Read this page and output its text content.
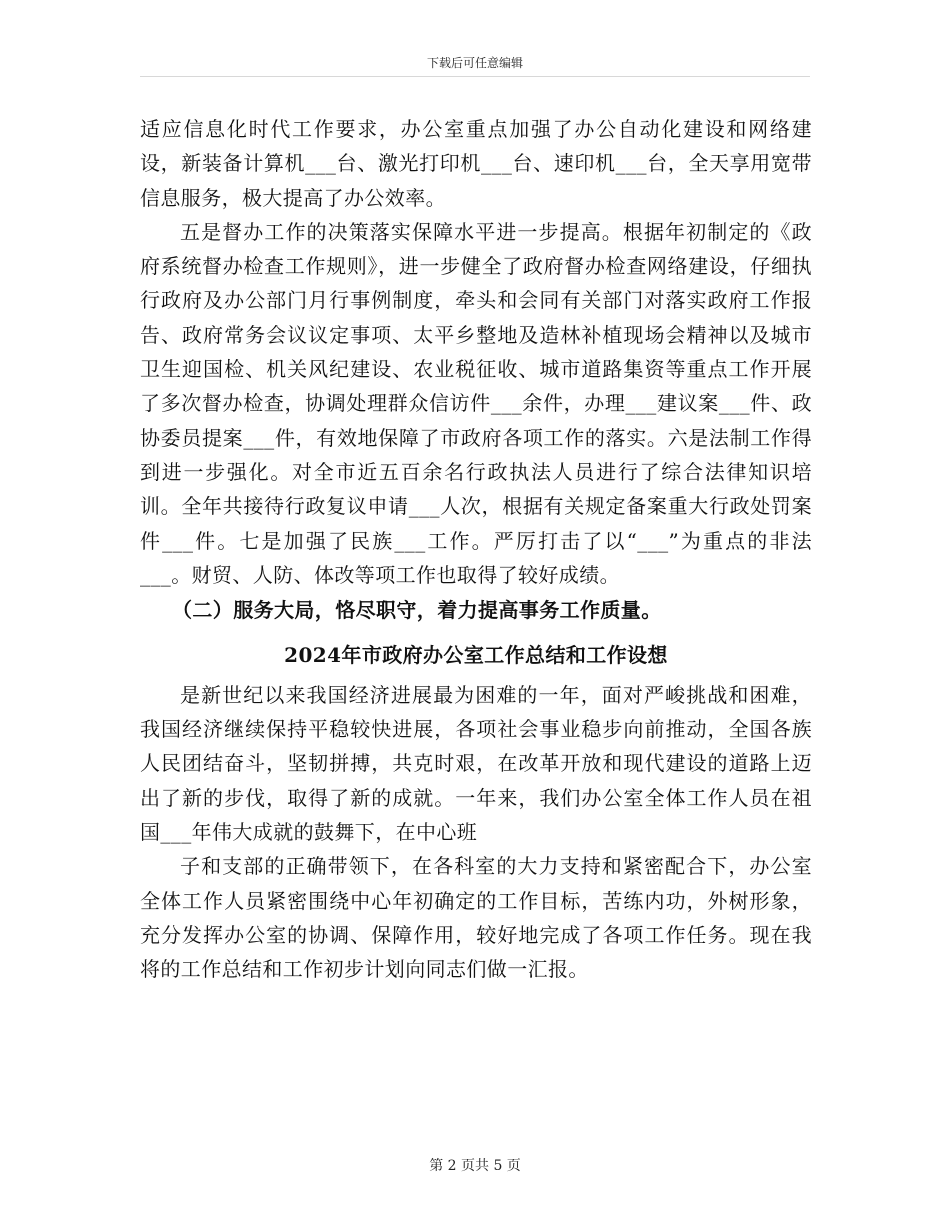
下载后可任意编辑

适应信息化时代工作要求，办公室重点加强了办公自动化建设和网络建设，新装备计算机___台、激光打印机___台、速印机___台，全天享用宽带信息服务，极大提高了办公效率。

五是督办工作的决策落实保障水平进一步提高。根据年初制定的《政府系统督办检查工作规则》，进一步健全了政府督办检查网络建设，仔细执行政府及办公部门月行事例制度，牵头和会同有关部门对落实政府工作报告、政府常务会议议定事项、太平乡整地及造林补植现场会精神以及城市卫生迎国检、机关风纪建设、农业税征收、城市道路集资等重点工作开展了多次督办检查，协调处理群众信访件___余件，办理___建议案___件、政协委员提案___件，有效地保障了市政府各项工作的落实。六是法制工作得到进一步强化。对全市近五百余名行政执法人员进行了综合法律知识培训。全年共接待行政复议申请___人次，根据有关规定备案重大行政处罚案件___件。七是加强了民族___工作。严厉打击了以“___”为重点的非法___。财贸、人防、体改等项工作也取得了较好成绩。

（二）服务大局，恪尽职守，着力提高事务工作质量。

2024年市政府办公室工作总结和工作设想

是新世纪以来我国经济进展最为困难的一年，面对严峻挑战和困难，我国经济继续保持平稳较快进展，各项社会事业稳步向前推动，全国各族人民团结奋斗，坚韧拼搏，共克时艰，在改革开放和现代建设的道路上迈出了新的步伐，取得了新的成就。一年来，我们办公室全体工作人员在祖国___年伟大成就的鼓舞下，在中心班

子和支部的正确带领下，在各科室的大力支持和紧密配合下，办公室全体工作人员紧密围绕中心年初确定的工作目标，苦练内功，外树形象，充分发挥办公室的协调、保障作用，较好地完成了各项工作任务。现在我将的工作总结和工作初步计划向同志们做一汇报。

第 2 页共 5 页
